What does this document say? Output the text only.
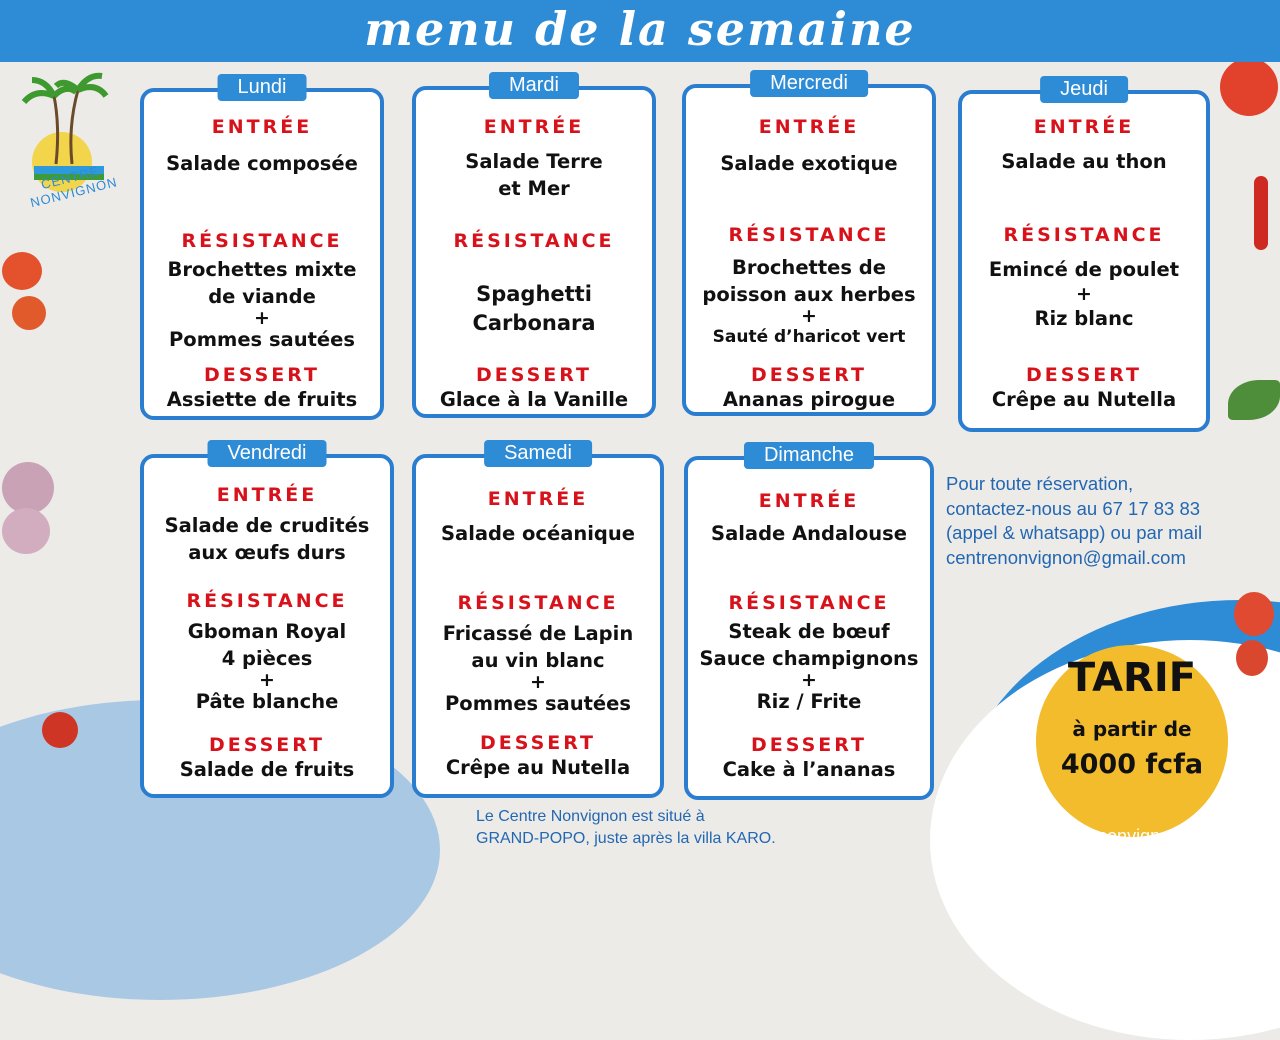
CENTRE NONVIGNON
menu de la semaine
Lundi
ENTRÉE
Salade composée
RÉSISTANCE
Brochettes mixte
de viande
+
Pommes sautées
DESSERT
Assiette de fruits
Mardi
ENTRÉE
Salade Terre
et Mer
RÉSISTANCE
Spaghetti
Carbonara
DESSERT
Glace à la Vanille
Mercredi
ENTRÉE
Salade exotique
RÉSISTANCE
Brochettes de
poisson aux herbes
+
Sauté d’haricot vert
DESSERT
Ananas pirogue
Jeudi
ENTRÉE
Salade au thon
RÉSISTANCE
Emincé de poulet
+
Riz blanc
DESSERT
Crêpe au Nutella
Vendredi
ENTRÉE
Salade de crudités
aux œufs durs
RÉSISTANCE
Gboman Royal
4 pièces
+
Pâte blanche
DESSERT
Salade de fruits
Samedi
ENTRÉE
Salade océanique
RÉSISTANCE
Fricassé de Lapin
au vin blanc
+
Pommes sautées
DESSERT
Crêpe au Nutella
Dimanche
ENTRÉE
Salade Andalouse
RÉSISTANCE
Steak de bœuf
Sauce champignons
+
Riz / Frite
DESSERT
Cake à l’ananas
Pour toute réservation,
contactez-nous au 67 17 83 83
(appel & whatsapp) ou par mail
centrenonvignon@gmail.com
TARIF
à partir de
4000 fcfa
Le Centre Nonvignon est situé à
GRAND-POPO, juste après la villa KARO.	www.centrenonvignon.com
